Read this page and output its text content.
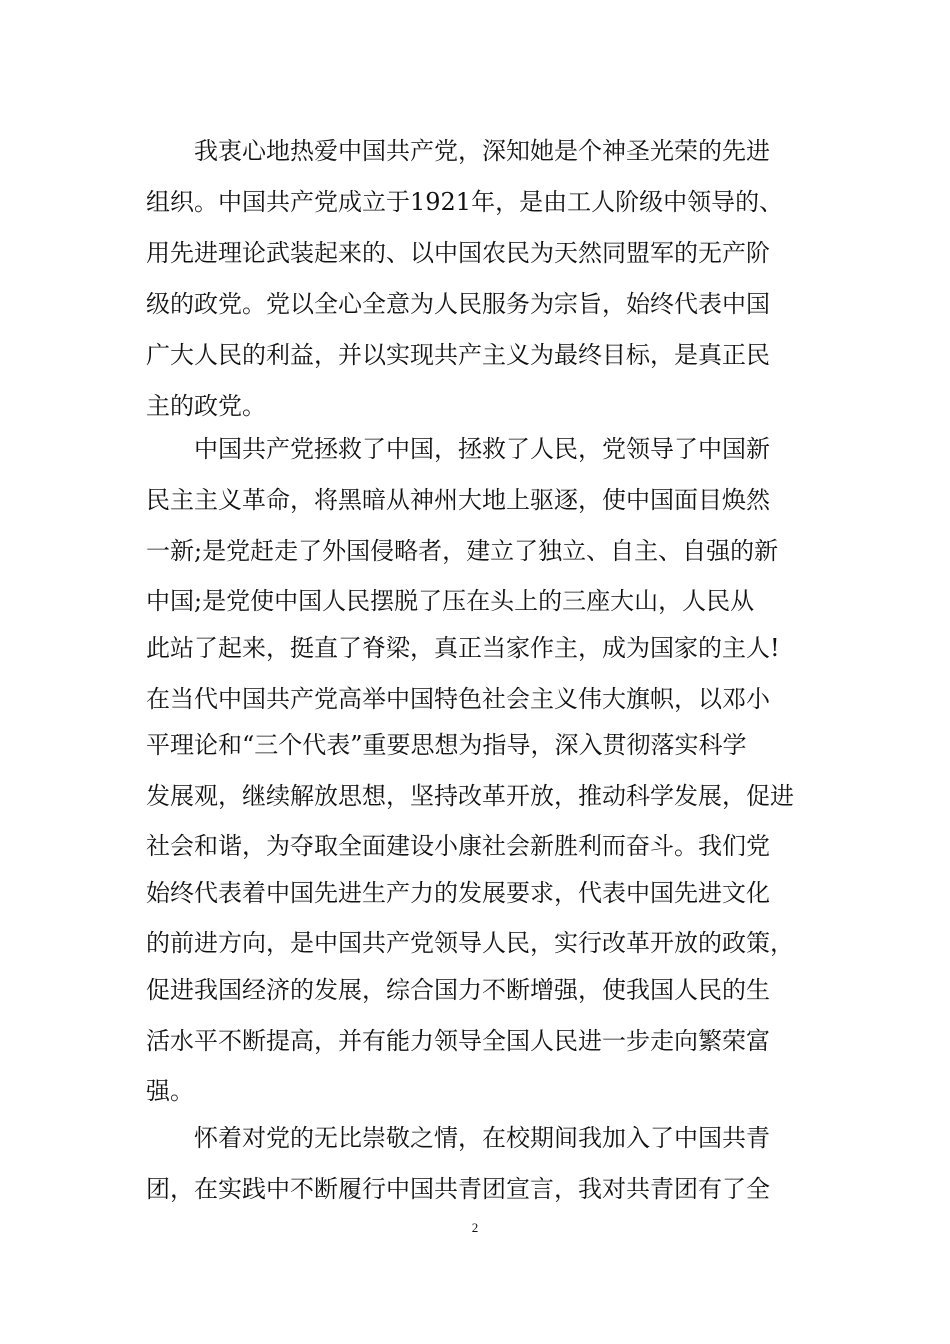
　　我衷心地热爱中国共产党，深知她是个神圣光荣的先进
组织。中国共产党成立于1921年，是由工人阶级中领导的、
用先进理论武装起来的、以中国农民为天然同盟军的无产阶
级的政党。党以全心全意为人民服务为宗旨，始终代表中国
广大人民的利益，并以实现共产主义为最终目标，是真正民
主的政党。
　　中国共产党拯救了中国，拯救了人民，党领导了中国新
民主主义革命，将黑暗从神州大地上驱逐，使中国面目焕然
一新;是党赶走了外国侵略者，建立了独立、自主、自强的新
中国;是党使中国人民摆脱了压在头上的三座大山，人民从
此站了起来，挺直了脊梁，真正当家作主，成为国家的主人!
在当代中国共产党高举中国特色社会主义伟大旗帜，以邓小
平理论和“三个代表”重要思想为指导，深入贯彻落实科学
发展观，继续解放思想，坚持改革开放，推动科学发展，促进
社会和谐，为夺取全面建设小康社会新胜利而奋斗。我们党
始终代表着中国先进生产力的发展要求，代表中国先进文化
的前进方向，是中国共产党领导人民，实行改革开放的政策，
促进我国经济的发展，综合国力不断增强，使我国人民的生
活水平不断提高，并有能力领导全国人民进一步走向繁荣富
强。
　　怀着对党的无比崇敬之情，在校期间我加入了中国共青
团，在实践中不断履行中国共青团宣言，我对共青团有了全
2
